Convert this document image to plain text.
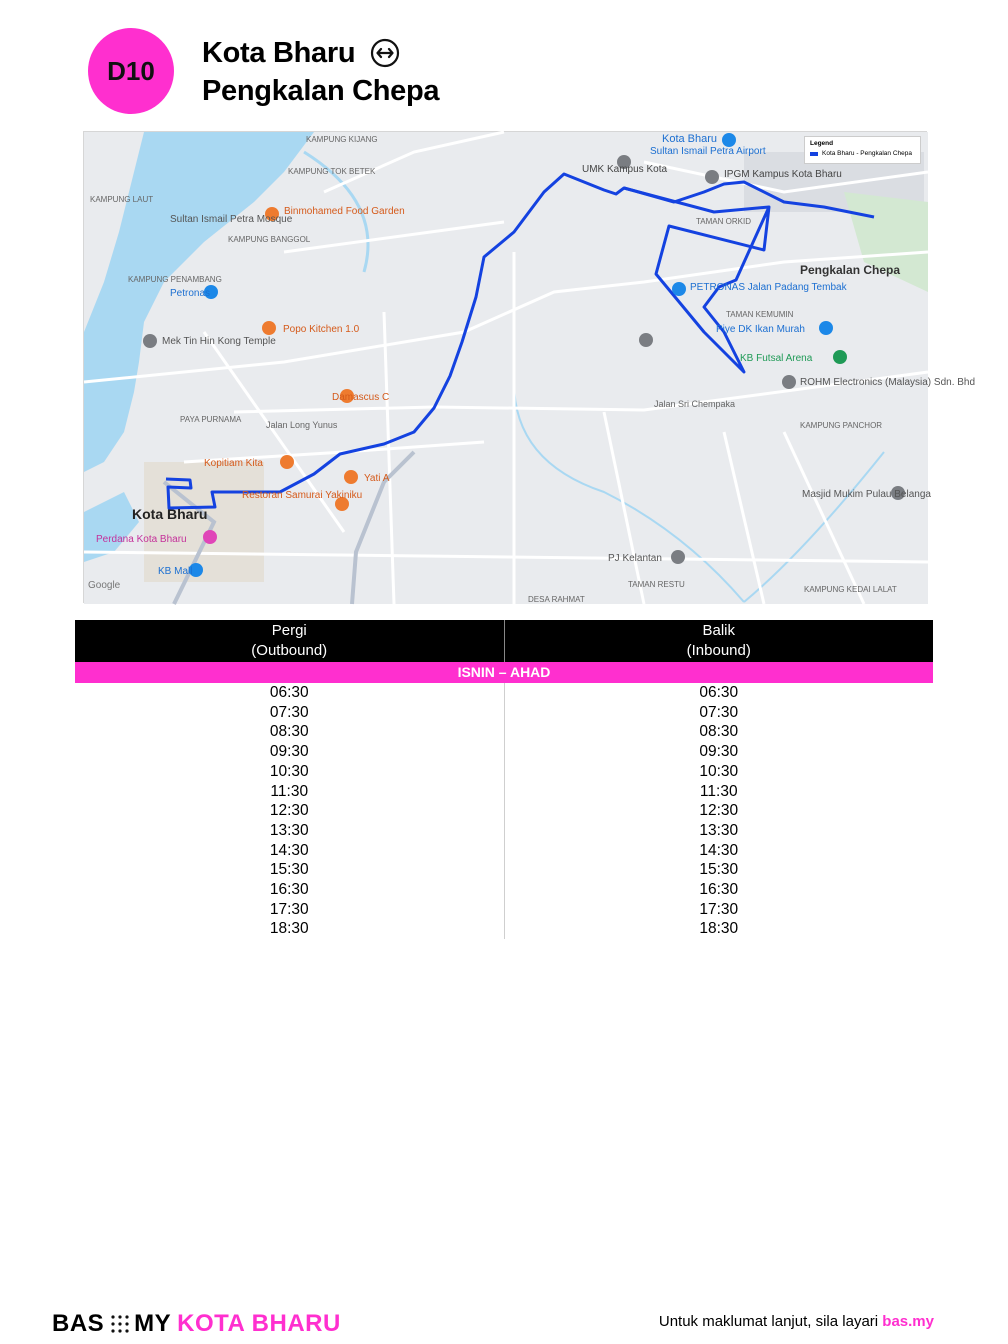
D10
Kota Bharu
Pengkalan Chepa
Kota Bharu
Pengkalan Chepa
Kota Bharu
Sultan Ismail Petra Airport
IPGM Kampus Kota Bharu
UMK Kampus Kota
Binmohamed Food Garden
Sultan Ismail Petra Mosque
Petronas
Popo Kitchen 1.0
Mek Tin Hin Kong Temple
Damascus C
Kopitiam Kita
Yati A
Restoran Samurai Yakiniku
Perdana Kota Bharu
KB Mall
PETRONAS Jalan Padang Tembak
Piye DK Ikan Murah
KB Futsal Arena
ROHM Electronics (Malaysia) Sdn. Bhd
Masjid Mukim Pulau Belanga
PJ Kelantan
Jalan Sri Chempaka
TAMAN ORKID
TAMAN KEMUMIN
KAMPUNG LAUT
KAMPUNG BANGGOL
KAMPUNG PENAMBANG
PAYA PURNAMA
KAMPUNG PANCHOR
KAMPUNG KEDAI LALAT
DESA RAHMAT
TAMAN RESTU
KAMPUNG TOK BETEK
KAMPUNG KIJANG
Jalan Long Yunus
Google
Legend
Kota Bharu - Pengkalan Chepa
Pergi
(Outbound)
Balik
(Inbound)
ISNIN – AHAD
06:30
07:30
08:30
09:30
10:30
11:30
12:30
13:30
14:30
15:30
16:30
17:30
18:30
06:30
07:30
08:30
09:30
10:30
11:30
12:30
13:30
14:30
15:30
16:30
17:30
18:30
BAS MY KOTA BHARU	Untuk maklumat lanjut, sila layari bas.my
